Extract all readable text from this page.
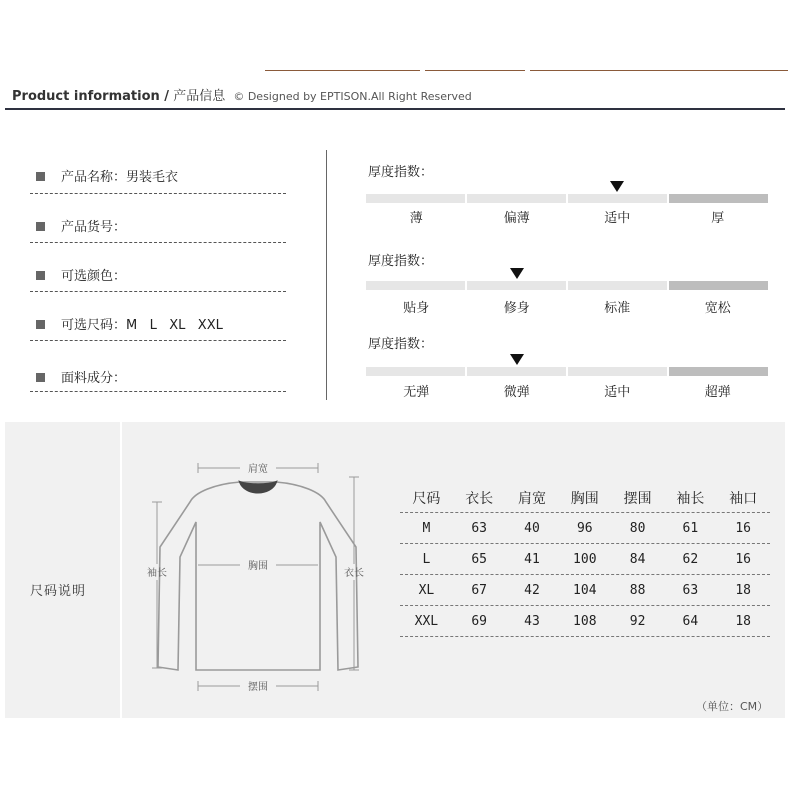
Product information / 产品信息 © Designed by EPTISON.All Right Reserved
产品名称：男装毛衣
产品货号：
可选颜色：
可选尺码：M   L   XL   XXL
面料成分：
厚度指数：
薄	偏薄	适中	厚
厚度指数：
贴身	修身	标准	宽松
厚度指数：
无弹	微弹	适中	超弹
尺码说明
肩宽
胸围
摆围
袖长	衣长
尺码	衣长	肩宽	胸围	摆围	袖长	袖口
M	63	40	96	80	61	16
L	65	41	100	84	62	16
XL	67	42	104	88	63	18
XXL	69	43	108	92	64	18
（单位：CM）
